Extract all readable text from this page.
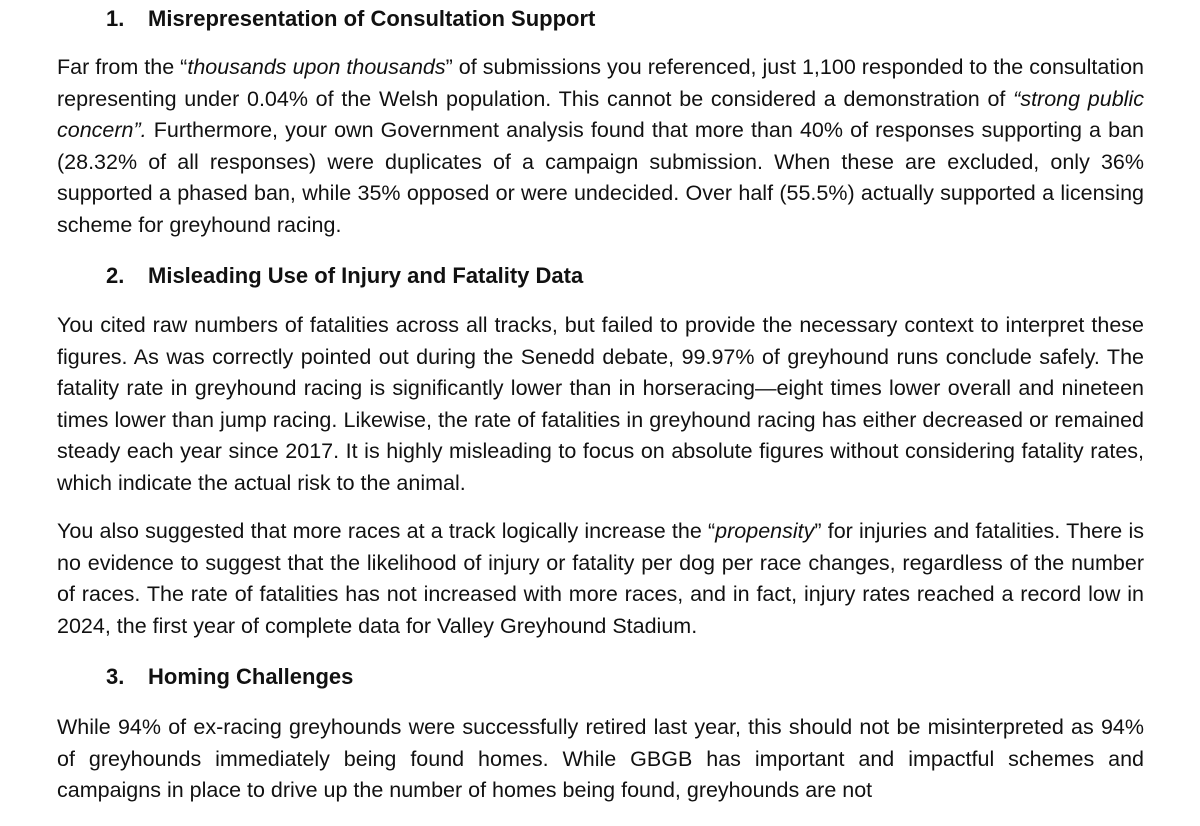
1. Misrepresentation of Consultation Support
Far from the “thousands upon thousands” of submissions you referenced, just 1,100 responded to the consultation representing under 0.04% of the Welsh population. This cannot be considered a demonstration of “strong public concern”. Furthermore, your own Government analysis found that more than 40% of responses supporting a ban (28.32% of all responses) were duplicates of a campaign submission. When these are excluded, only 36% supported a phased ban, while 35% opposed or were undecided. Over half (55.5%) actually supported a licensing scheme for greyhound racing.
2. Misleading Use of Injury and Fatality Data
You cited raw numbers of fatalities across all tracks, but failed to provide the necessary context to interpret these figures. As was correctly pointed out during the Senedd debate, 99.97% of greyhound runs conclude safely. The fatality rate in greyhound racing is significantly lower than in horseracing—eight times lower overall and nineteen times lower than jump racing. Likewise, the rate of fatalities in greyhound racing has either decreased or remained steady each year since 2017. It is highly misleading to focus on absolute figures without considering fatality rates, which indicate the actual risk to the animal.
You also suggested that more races at a track logically increase the “propensity” for injuries and fatalities. There is no evidence to suggest that the likelihood of injury or fatality per dog per race changes, regardless of the number of races. The rate of fatalities has not increased with more races, and in fact, injury rates reached a record low in 2024, the first year of complete data for Valley Greyhound Stadium.
3. Homing Challenges
While 94% of ex-racing greyhounds were successfully retired last year, this should not be misinterpreted as 94% of greyhounds immediately being found homes. While GBGB has important and impactful schemes and campaigns in place to drive up the number of homes being found, greyhounds are not
